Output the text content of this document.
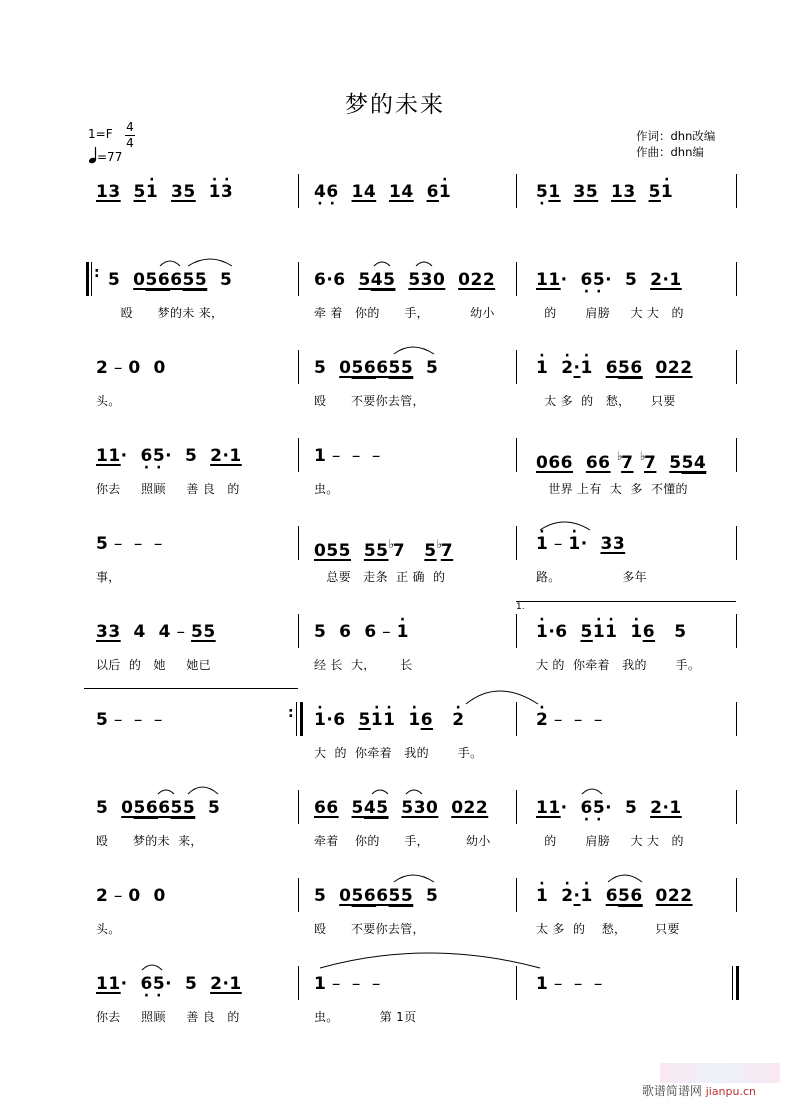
梦的未来
1=F 4
4
=77
作词：dhn改编
作曲：dhn编
13 5· 1 35 · 1· 3	4 ·6 · 14 14 6· 1	5 ·1 35 13 5· 1
: 5  056655  5	6·6  545 530 022 11·  6 ·5 ··  5  2·1
殴      梦的未 来，	牵 着   你的      手，          幼小	的       肩膀     大 大   的
2 – 0  0	5  056655  5	· 1 · 2·· 1 656 022
头。	殴      不要你去管，	太 多  的   愁，     只要
11·  6 ·5 ··  5  2·1	1 – – –	066 66 ♭7 ♭7 554
你去     照顾     善 良   的	虫。	世界 上有  太  多  不懂的
5 – – –	055 55♭7   5♭7	· 1 – · 1·  33
事，	总要   走条  正 确  的	路。               多年
1.
33  4  4 – 55	5  6  6 – · 1	· 1·6  5· 1· 1 · 16   5
以后  的   她     她已	经 长  大，      长	大 的  你牵着   我的       手。
5 – – –	: · 1·6  5· 1· 1 · 16 · 2	· 2 – – –
大  的  你牵着   我的       手。
5  056655  5	66 545 530 022	11·  6 ·5 ··  5  2·1
殴      梦的未  来，	牵着    你的      手，         幼小	的       肩膀     大 大   的
2 – 0  0	5  056655  5	· 1 · 2·· 1 656 022
头。	殴      不要你去管，	太 多  的    愁，       只要
11·  6 ·5 ··  5  2·1	1 – – –	1 – – –
你去     照顾     善 良   的	虫。          第 1页
歌谱简谱网 jianpu.cn
